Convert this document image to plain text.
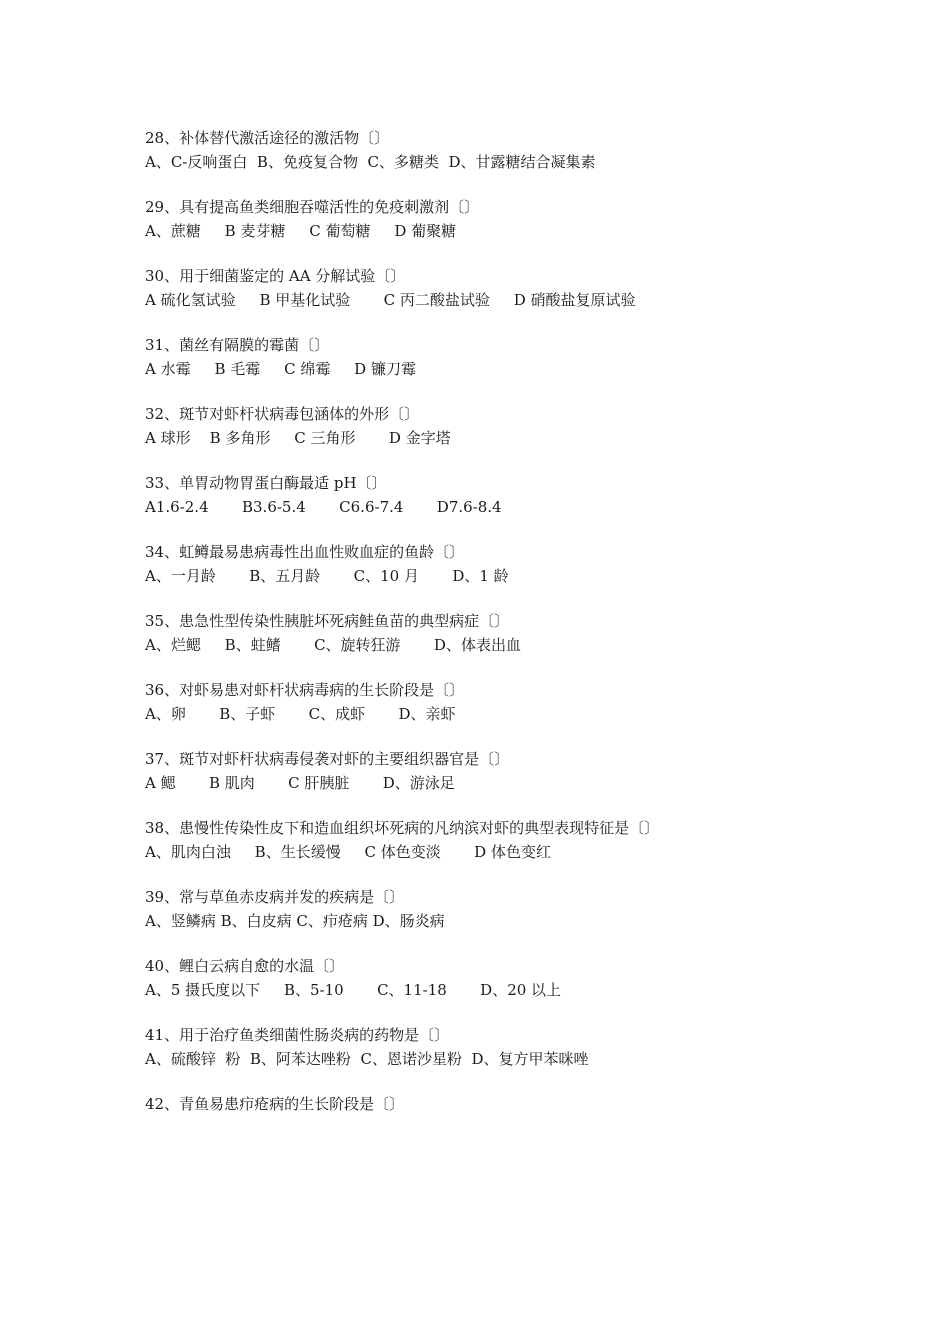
28、补体替代激活途径的激活物〔〕
A、C-反响蛋白  B、免疫复合物  C、多糖类  D、甘露糖结合凝集素
29、具有提高鱼类细胞吞噬活性的免疫刺激剂〔〕
A、蔗糖     B 麦芽糖     C 葡萄糖     D 葡聚糖
30、用于细菌鉴定的 AA 分解试验〔〕
A 硫化氢试验     B 甲基化试验       C 丙二酸盐试验     D 硝酸盐复原试验
31、菌丝有隔膜的霉菌〔〕
A 水霉     B 毛霉     C 绵霉     D 镰刀霉
32、斑节对虾杆状病毒包涵体的外形〔〕
A 球形    B 多角形     C 三角形       D 金字塔
33、单胃动物胃蛋白酶最适 pH〔〕
A1.6-2.4       B3.6-5.4       C6.6-7.4       D7.6-8.4
34、虹鳟最易患病毒性出血性败血症的鱼龄〔〕
A、一月龄       B、五月龄       C、10 月       D、1 龄
35、患急性型传染性胰脏坏死病鲑鱼苗的典型病症〔〕
A、烂鳃     B、蛀鳍       C、旋转狂游       D、体表出血
36、对虾易患对虾杆状病毒病的生长阶段是〔〕
A、卵       B、子虾       C、成虾       D、亲虾
37、斑节对虾杆状病毒侵袭对虾的主要组织器官是〔〕
A 鳃       B 肌肉       C 肝胰脏       D、游泳足
38、患慢性传染性皮下和造血组织坏死病的凡纳滨对虾的典型表现特征是〔〕
A、肌肉白浊     B、生长缓慢     C 体色变淡       D 体色变红
39、常与草鱼赤皮病并发的疾病是〔〕
A、竖鳞病 B、白皮病 C、疖疮病 D、肠炎病
40、鲤白云病自愈的水温〔〕
A、5 摄氏度以下     B、5-10       C、11-18       D、20 以上
41、用于治疗鱼类细菌性肠炎病的药物是〔〕
A、硫酸锌  粉  B、阿苯达唑粉  C、恩诺沙星粉  D、复方甲苯咪唑
42、青鱼易患疖疮病的生长阶段是〔〕
